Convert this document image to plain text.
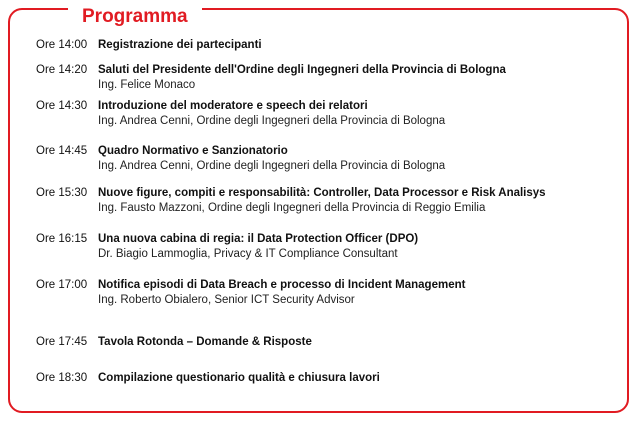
Programma
Ore 14:00 Registrazione dei partecipanti
Ore 14:20 Saluti del Presidente dell'Ordine degli Ingegneri della Provincia di Bologna
Ing. Felice Monaco
Ore 14:30 Introduzione del moderatore e speech dei relatori
Ing. Andrea Cenni, Ordine degli Ingegneri della Provincia di Bologna
Ore 14:45 Quadro Normativo e Sanzionatorio
Ing. Andrea Cenni, Ordine degli Ingegneri della Provincia di Bologna
Ore 15:30 Nuove figure, compiti e responsabilità: Controller, Data Processor e Risk Analisys
Ing. Fausto Mazzoni, Ordine degli Ingegneri della Provincia di Reggio Emilia
Ore 16:15 Una nuova cabina di regia: il Data Protection Officer (DPO)
Dr. Biagio Lammoglia, Privacy & IT Compliance Consultant
Ore 17:00 Notifica episodi di Data Breach e processo di Incident Management
Ing. Roberto Obialero, Senior ICT Security Advisor
Ore 17:45 Tavola Rotonda – Domande & Risposte
Ore 18:30 Compilazione questionario qualità e chiusura lavori
